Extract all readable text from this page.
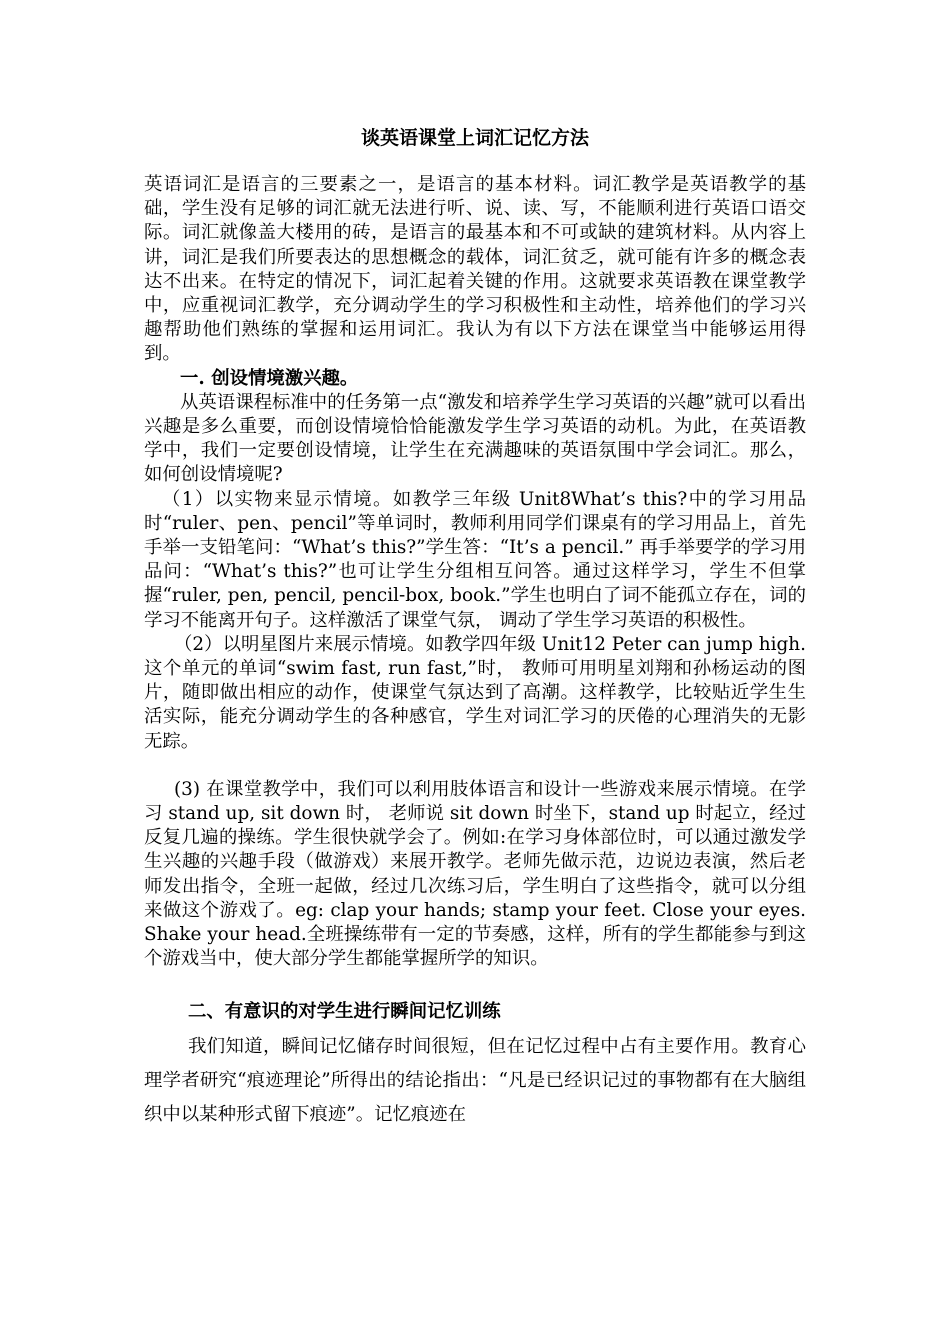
谈英语课堂上词汇记忆方法

英语词汇是语言的三要素之一，是语言的基本材料。词汇教学是英语教学的基础，学生没有足够的词汇就无法进行听、说、读、写，不能顺利进行英语口语交际。词汇就像盖大楼用的砖，是语言的最基本和不可或缺的建筑材料。从内容上讲，词汇是我们所要表达的思想概念的载体，词汇贫乏，就可能有许多的概念表达不出来。在特定的情况下，词汇起着关键的作用。这就要求英语教在课堂教学中，应重视词汇教学，充分调动学生的学习积极性和主动性，培养他们的学习兴趣帮助他们熟练的掌握和运用词汇。我认为有以下方法在课堂当中能够运用得到。

一. 创设情境激兴趣。

从英语课程标准中的任务第一点“激发和培养学生学习英语的兴趣”就可以看出兴趣是多么重要，而创设情境恰恰能激发学生学习英语的动机。为此，在英语教学中，我们一定要创设情境，让学生在充满趣味的英语氛围中学会词汇。那么， 如何创设情境呢?

（1）以实物来显示情境。如教学三年级 Unit8What’s this?中的学习用品时“ruler、pen、pencil”等单词时，教师利用同学们课桌有的学习用品上，首先手举一支铅笔问：“What’s this?”学生答：“It’s a pencil.” 再手举要学的学习用品问：“What’s this?”也可让学生分组相互问答。通过这样学习，学生不但掌握“ruler, pen, pencil, pencil-box, book.”学生也明白了词不能孤立存在，词的学习不能离开句子。这样激活了课堂气氛， 调动了学生学习英语的积极性。

（2）以明星图片来展示情境。如教学四年级 Unit12 Peter can jump high.这个单元的单词“swim fast, run fast,”时， 教师可用明星刘翔和孙杨运动的图片，随即做出相应的动作，使课堂气氛达到了高潮。这样教学，比较贴近学生生活实际，能充分调动学生的各种感官，学生对词汇学习的厌倦的心理消失的无影无踪。

(3) 在课堂教学中，我们可以利用肢体语言和设计一些游戏来展示情境。在学习 stand up, sit down 时， 老师说 sit down 时坐下，stand up 时起立，经过反复几遍的操练。学生很快就学会了。例如:在学习身体部位时，可以通过激发学生兴趣的兴趣手段（做游戏）来展开教学。老师先做示范，边说边表演，然后老师发出指令，全班一起做，经过几次练习后，学生明白了这些指令，就可以分组来做这个游戏了。eg: clap your hands; stamp your feet. Close your eyes. Shake your head.全班操练带有一定的节奏感，这样，所有的学生都能参与到这个游戏当中，使大部分学生都能掌握所学的知识。

二、有意识的对学生进行瞬间记忆训练

我们知道，瞬间记忆储存时间很短，但在记忆过程中占有主要作用。教育心理学者研究“痕迹理论”所得出的结论指出：“凡是已经识记过的事物都有在大脑组织中以某种形式留下痕迹”。记忆痕迹在
